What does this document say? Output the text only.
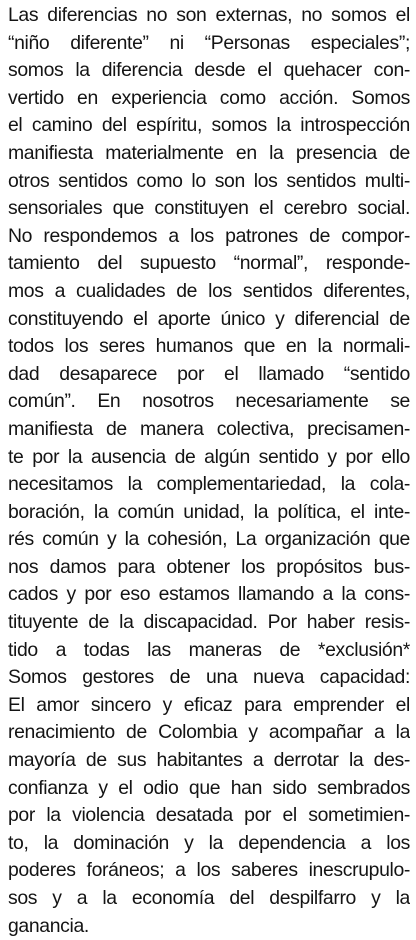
Las diferencias no son externas, no somos el
“niño diferente” ni “Personas especiales”;
somos la diferencia desde el quehacer con-
vertido en experiencia como acción. Somos
el camino del espíritu, somos la introspección
manifiesta materialmente en la presencia de
otros sentidos como lo son los sentidos multi-
sensoriales que constituyen el cerebro social.
No respondemos a los patrones de compor-
tamiento del supuesto “normal”, responde-
mos a cualidades de los sentidos diferentes,
constituyendo el aporte único y diferencial de
todos los seres humanos que en la normali-
dad desaparece por el llamado “sentido
común”. En nosotros necesariamente se
manifiesta de manera colectiva, precisamen-
te por la ausencia de algún sentido y por ello
necesitamos la complementariedad, la cola-
boración, la común unidad, la política, el inte-
rés común y la cohesión, La organización que
nos damos para obtener los propósitos bus-
cados y por eso estamos llamando a la cons-
tituyente de la discapacidad. Por haber resis-
tido a todas las maneras de *exclusión*
Somos gestores de una nueva capacidad:
El amor sincero y eficaz para emprender el
renacimiento de Colombia y acompañar a la
mayoría de sus habitantes a derrotar la des-
confianza y el odio que han sido sembrados
por la violencia desatada por el sometimien-
to, la dominación y la dependencia a los
poderes foráneos; a los saberes inescrupulo-
sos y a la economía del despilfarro y la
ganancia.
